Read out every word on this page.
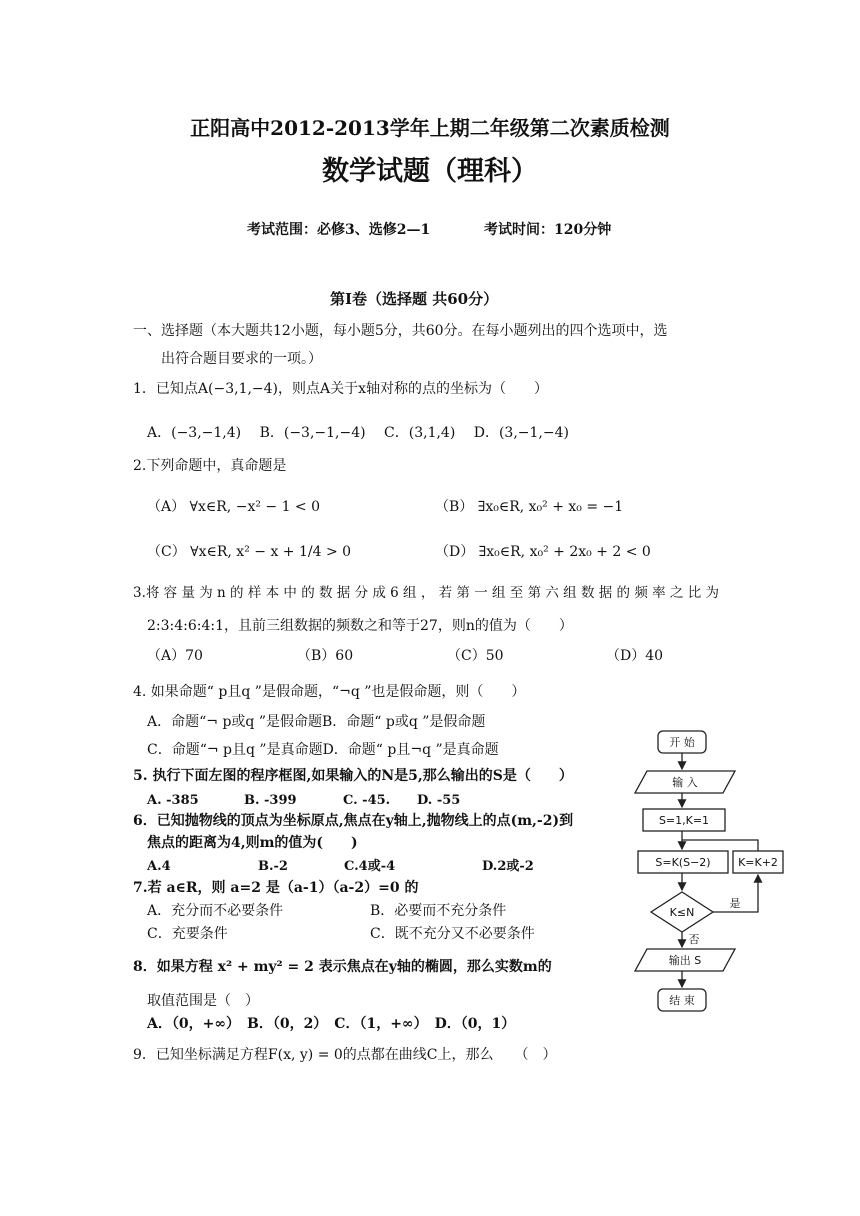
正阳高中2012-2013学年上期二年级第二次素质检测
数学试题（理科）
考试范围：必修3、选修2—1	考试时间：120分钟
第Ⅰ卷（选择题 共60分）
一、选择题（本大题共12小题，每小题5分，共60分。在每小题列出的四个选项中，选
出符合题目要求的一项。）
1．已知点A(−3,1,−4)，则点A关于x轴对称的点的坐标为（　　）
A．(−3,−1,4)　 B．(−3,−1,−4)　 C．(3,1,4)　 D．(3,−1,−4)
2.下列命题中，真命题是
（A） ∀x∈R, −x² − 1 < 0	（B） ∃x₀∈R, x₀² + x₀ = −1
（C） ∀x∈R, x² − x + 1/4 > 0	（D） ∃x₀∈R, x₀² + 2x₀ + 2 < 0
3.将 容 量 为 n 的 样 本 中 的 数 据 分 成 6 组 ， 若 第 一 组 至 第 六 组 数 据 的 频 率 之 比 为
2:3:4:6:4:1，且前三组数据的频数之和等于27，则n的值为（　　）
（A）70	（B）60	（C）50	（D）40
4. 如果命题“ p且q ”是假命题，“¬q ”也是假命题，则（　　）
A．命题“¬ p或q ”是假命题B．命题“ p或q ”是假命题
C．命题“¬ p且q ”是真命题D．命题“ p且¬q ”是真命题
5. 执行下面左图的程序框图,如果输入的N是5,那么输出的S是（　　）
A. -385	B. -399	C. -45. D. -55
6．已知抛物线的顶点为坐标原点,焦点在y轴上,抛物线上的点(m,-2)到
焦点的距离为4,则m的值为(　　)
A.4	B.-2	C.4或-4	D.2或-2
7.若 a∈R，则 a=2 是（a-1）（a-2）=0 的
A．充分而不必要条件	B．必要而不充分条件
C．充要条件	C．既不充分又不必要条件
8．如果方程 x² + my² = 2 表示焦点在y轴的椭圆，那么实数m的
取值范围是（　）
A．（0，+∞）　B．（0，2）　C．（1，+∞）　D．（0，1）
9．已知坐标满足方程F(x, y) = 0的点都在曲线C上，那么　　（　）
开 始
输 入
S=1,K=1
S=K(S−2) K=K+2
K≤N
是
否
输出 S
结 束
